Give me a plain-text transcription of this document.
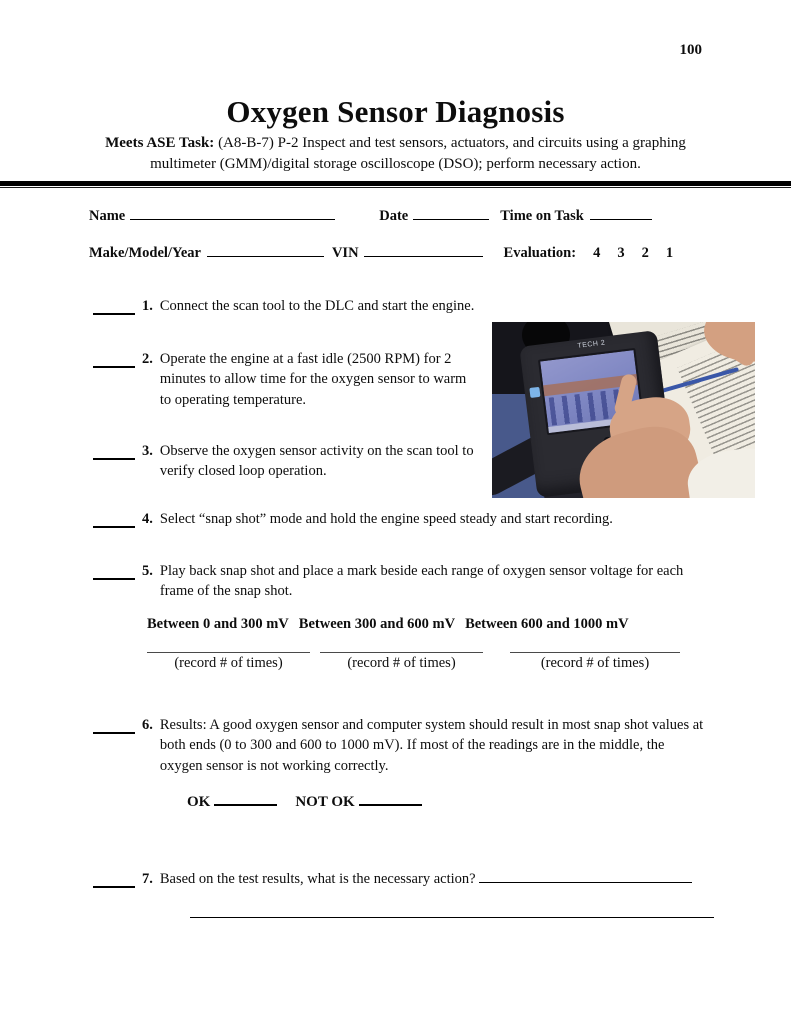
100
Oxygen Sensor Diagnosis

Meets ASE Task: (A8-B-7) P-2 Inspect and test sensors, actuators, and circuits using a graphing multimeter (GMM)/digital storage oscilloscope (DSO); perform necessary action.

Name	Date	Time on Task
Make/Model/Year	VIN	Evaluation: 4 3 2 1
1. Connect the scan tool to the DLC and start the engine.
2. Operate the engine at a fast idle (2500 RPM) for 2 minutes to allow time for the oxygen sensor to warm to operating temperature.
3. Observe the oxygen sensor activity on the scan tool to verify closed loop operation.
4. Select “snap shot” mode and hold the engine speed steady and start recording.
5. Play back snap shot and place a mark beside each range of oxygen sensor voltage for each frame of the snap shot.
Between 0 and 300 mV Between 300 and 600 mV Between 600 and 1000 mV
(record # of times)	(record # of times)	(record # of times)
6. Results: A good oxygen sensor and computer system should result in most snap shot values at both ends (0 to 300 and 600 to 1000 mV). If most of the readings are in the middle, the oxygen sensor is not working correctly.
OK	NOT OK
7. Based on the test results, what is the necessary action?
TECH 2
